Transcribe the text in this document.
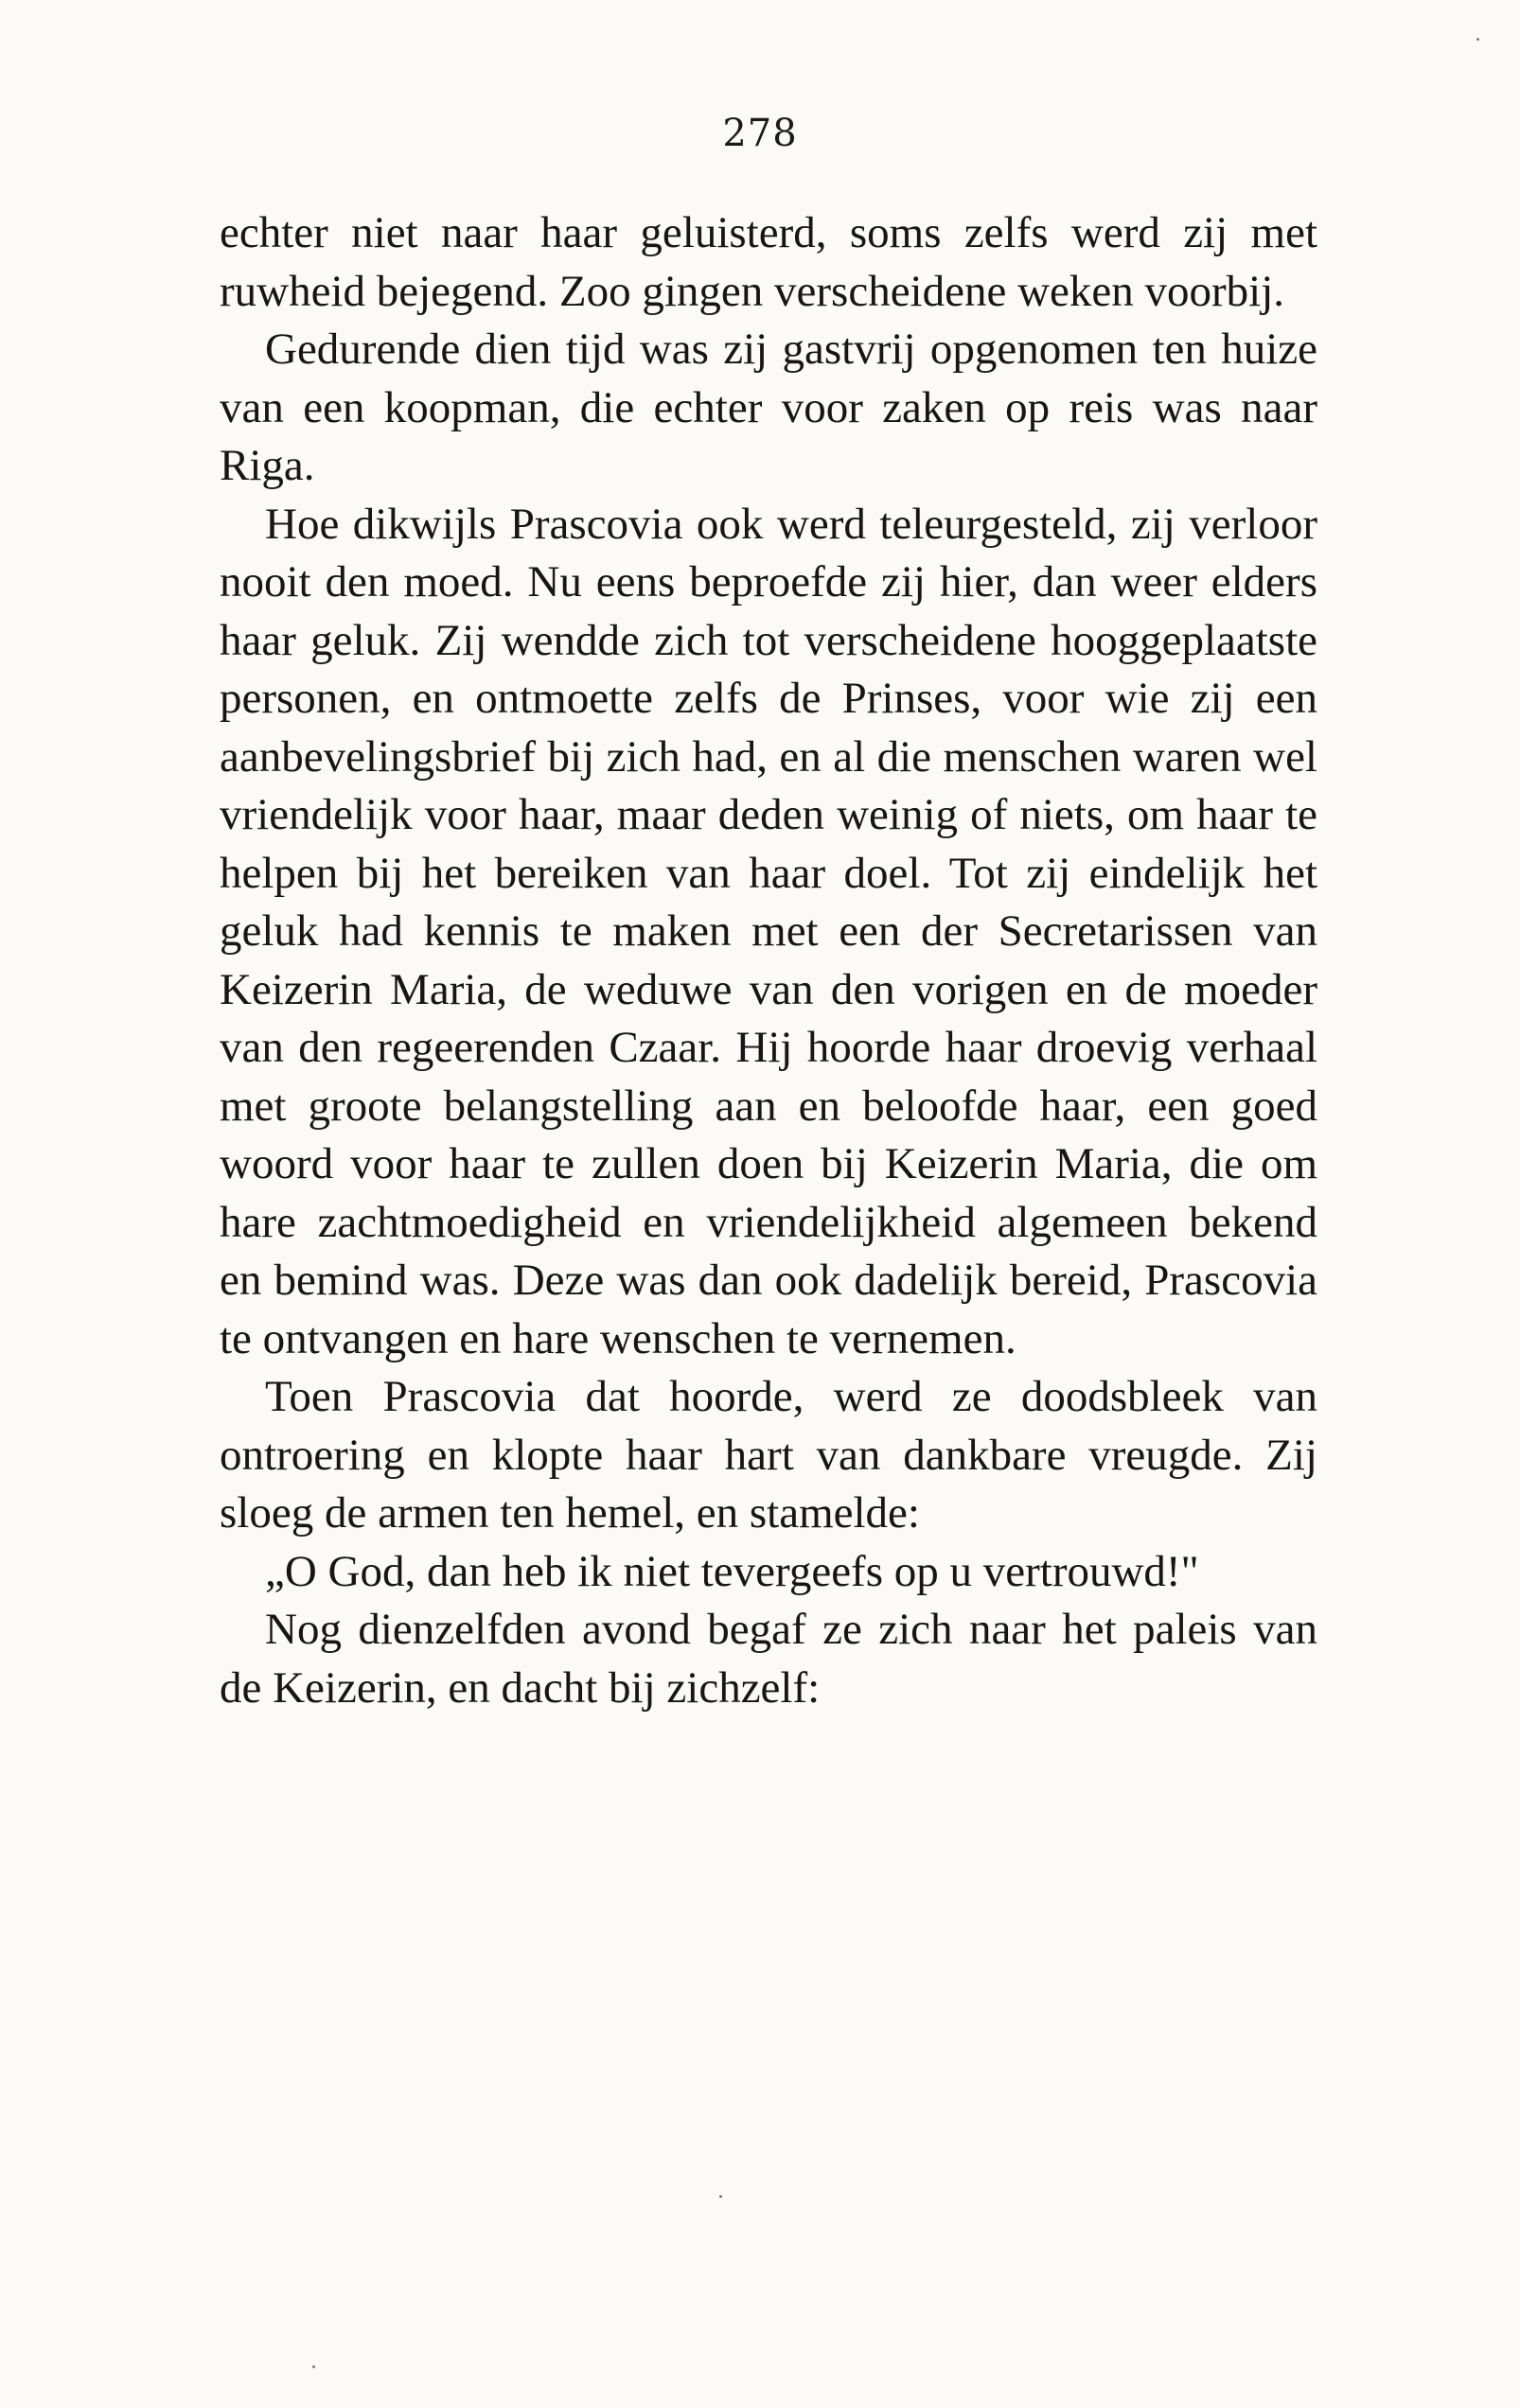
278

echter niet naar haar geluisterd, soms zelfs werd zij met ruwheid bejegend. Zoo gingen verscheidene weken voorbij.

Gedurende dien tijd was zij gastvrij opgenomen ten huize van een koopman, die echter voor zaken op reis was naar Riga.

Hoe dikwijls Prascovia ook werd teleurgesteld, zij verloor nooit den moed. Nu eens beproefde zij hier, dan weer elders haar geluk. Zij wendde zich tot verscheidene hooggeplaatste personen, en ontmoette zelfs de Prinses, voor wie zij een aanbevelingsbrief bij zich had, en al die menschen waren wel vriendelijk voor haar, maar deden weinig of niets, om haar te helpen bij het bereiken van haar doel. Tot zij eindelijk het geluk had kennis te maken met een der Secretarissen van Keizerin Maria, de weduwe van den vorigen en de moeder van den regeerenden Czaar. Hij hoorde haar droevig verhaal met groote belangstelling aan en beloofde haar, een goed woord voor haar te zullen doen bij Keizerin Maria, die om hare zachtmoedigheid en vriendelijkheid algemeen bekend en bemind was. Deze was dan ook dadelijk bereid, Prascovia te ontvangen en hare wenschen te vernemen.

Toen Prascovia dat hoorde, werd ze doodsbleek van ontroering en klopte haar hart van dankbare vreugde. Zij sloeg de armen ten hemel, en stamelde:

„O God, dan heb ik niet tevergeefs op u vertrouwd!"

Nog dienzelfden avond begaf ze zich naar het paleis van de Keizerin, en dacht bij zichzelf:
